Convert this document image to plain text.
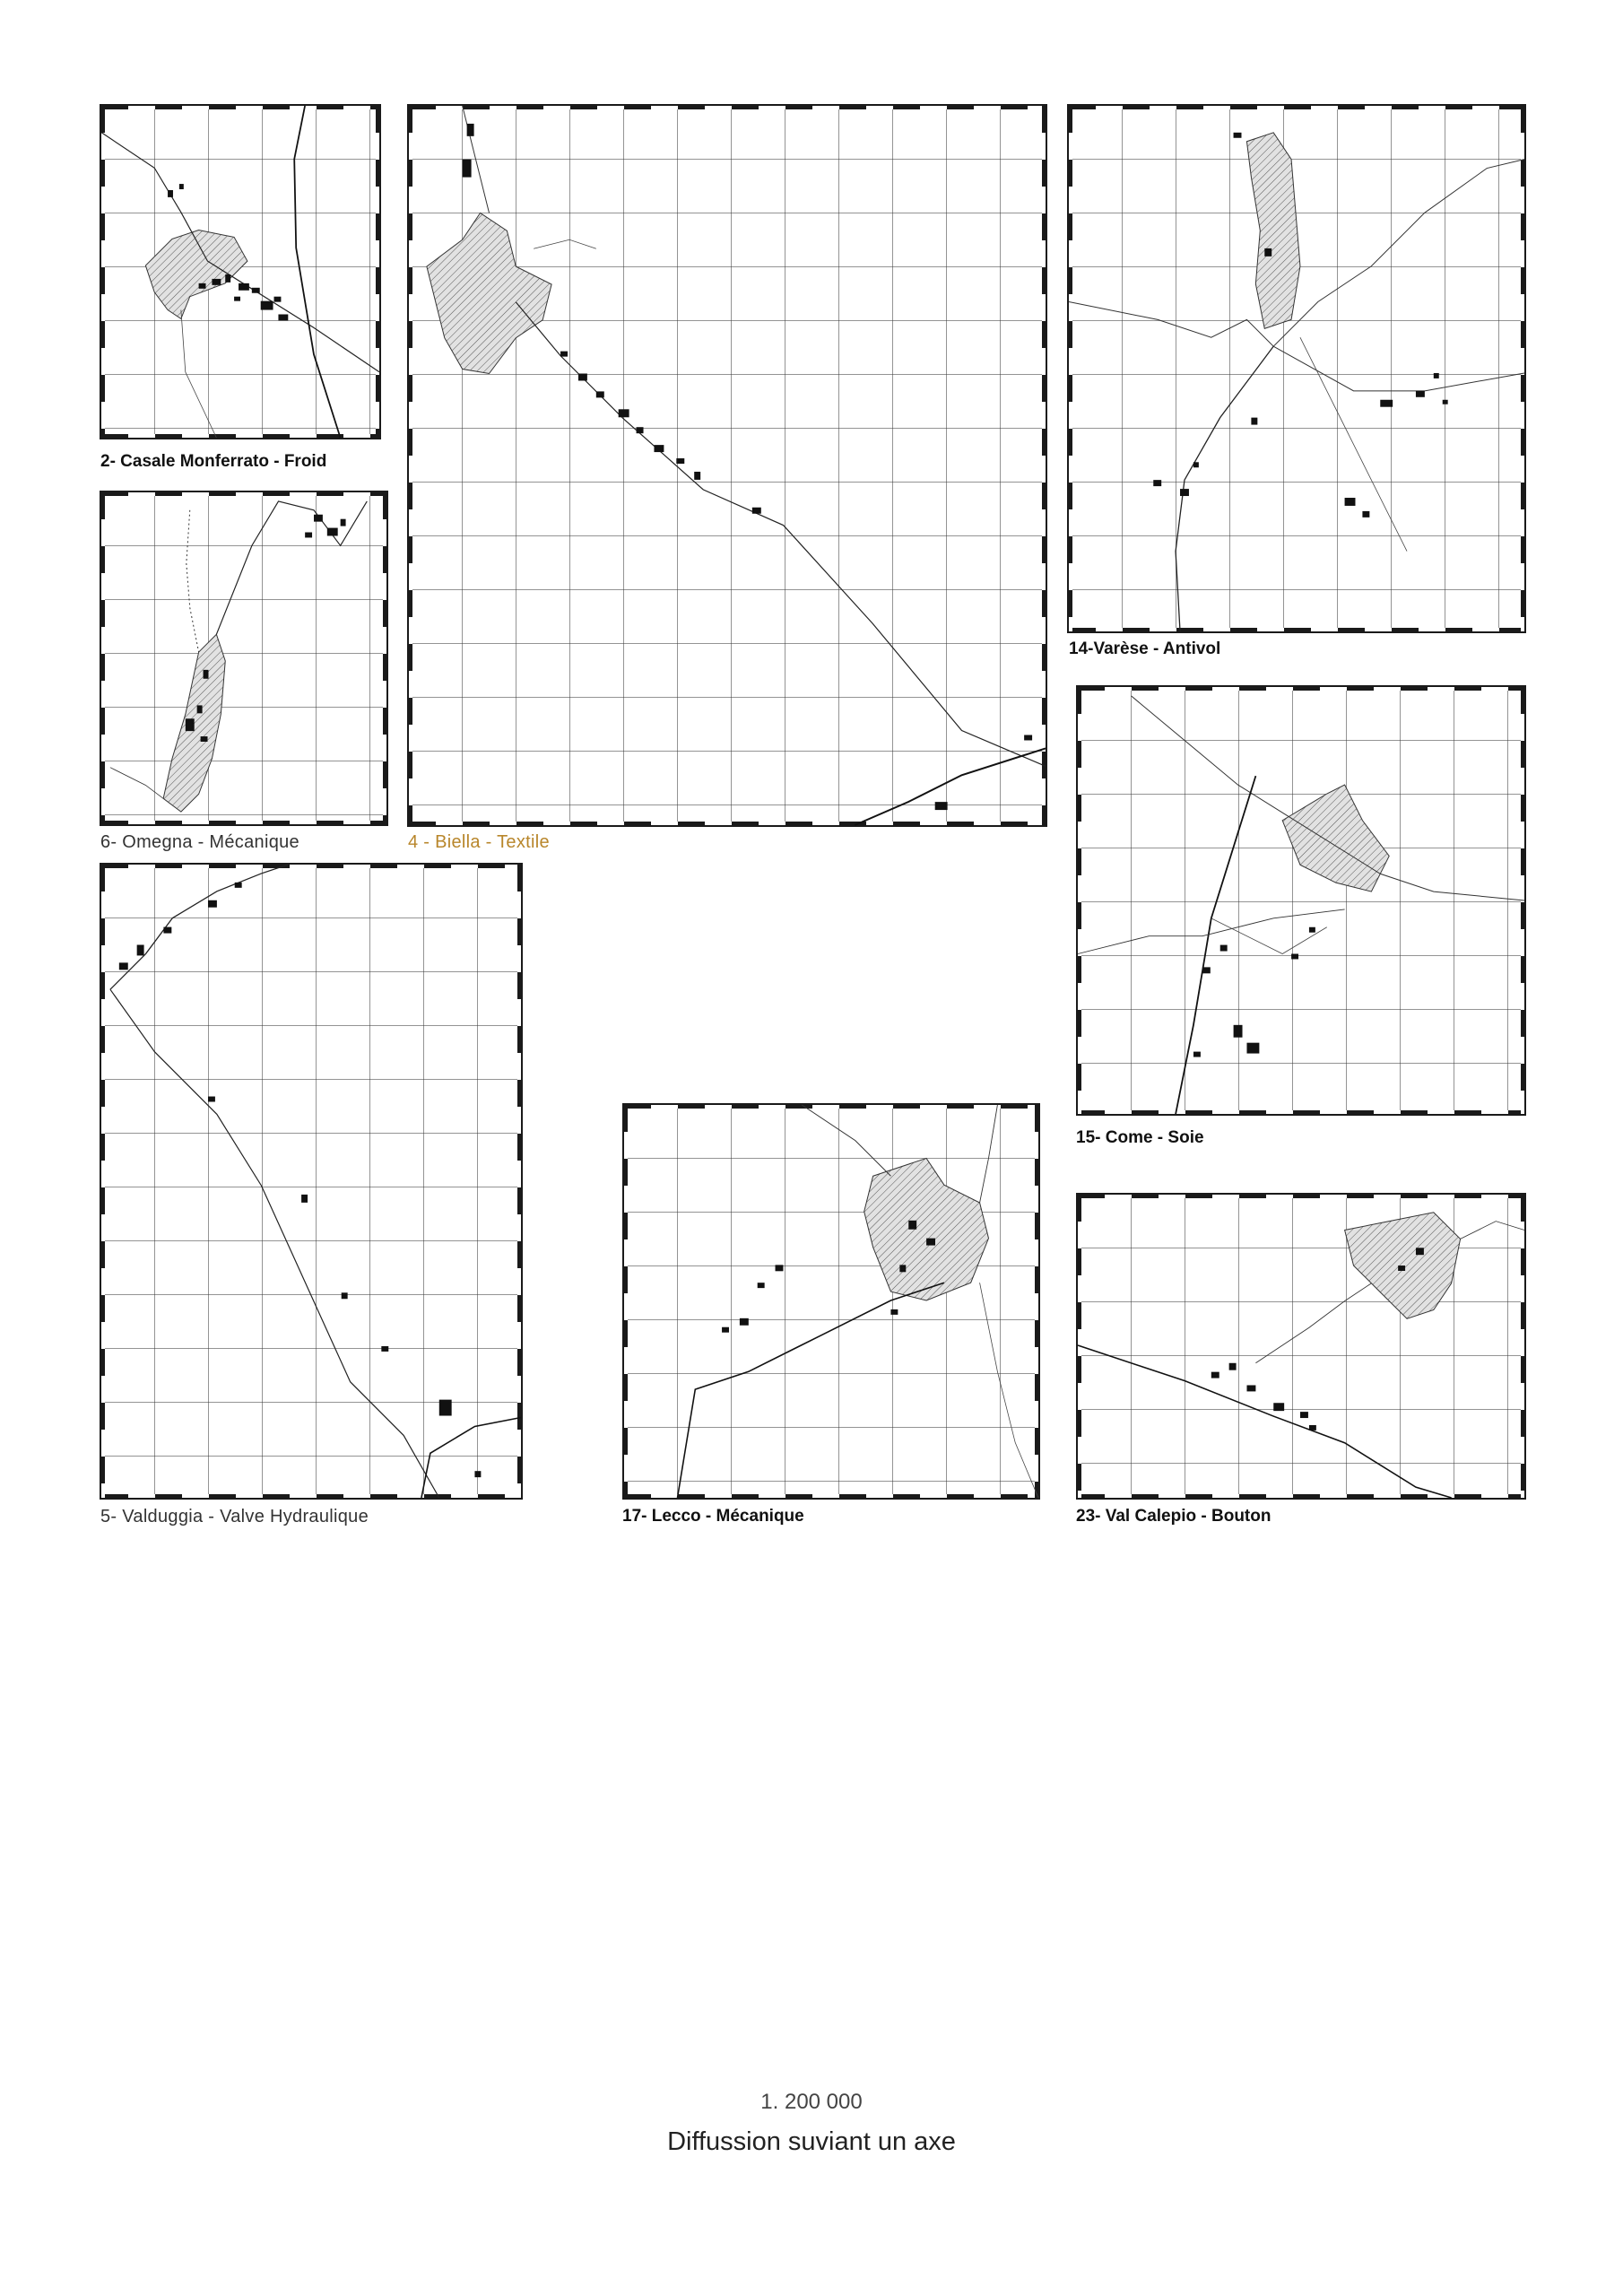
2- Casale Monferrato - Froid
6- Omegna - Mécanique	4 - Biella - Textile
14-Varèse - Antivol
15- Come - Soie
5- Valduggia - Valve Hydraulique	17- Lecco - Mécanique	23- Val Calepio - Bouton
1. 200 000
Diffussion suviant un axe
